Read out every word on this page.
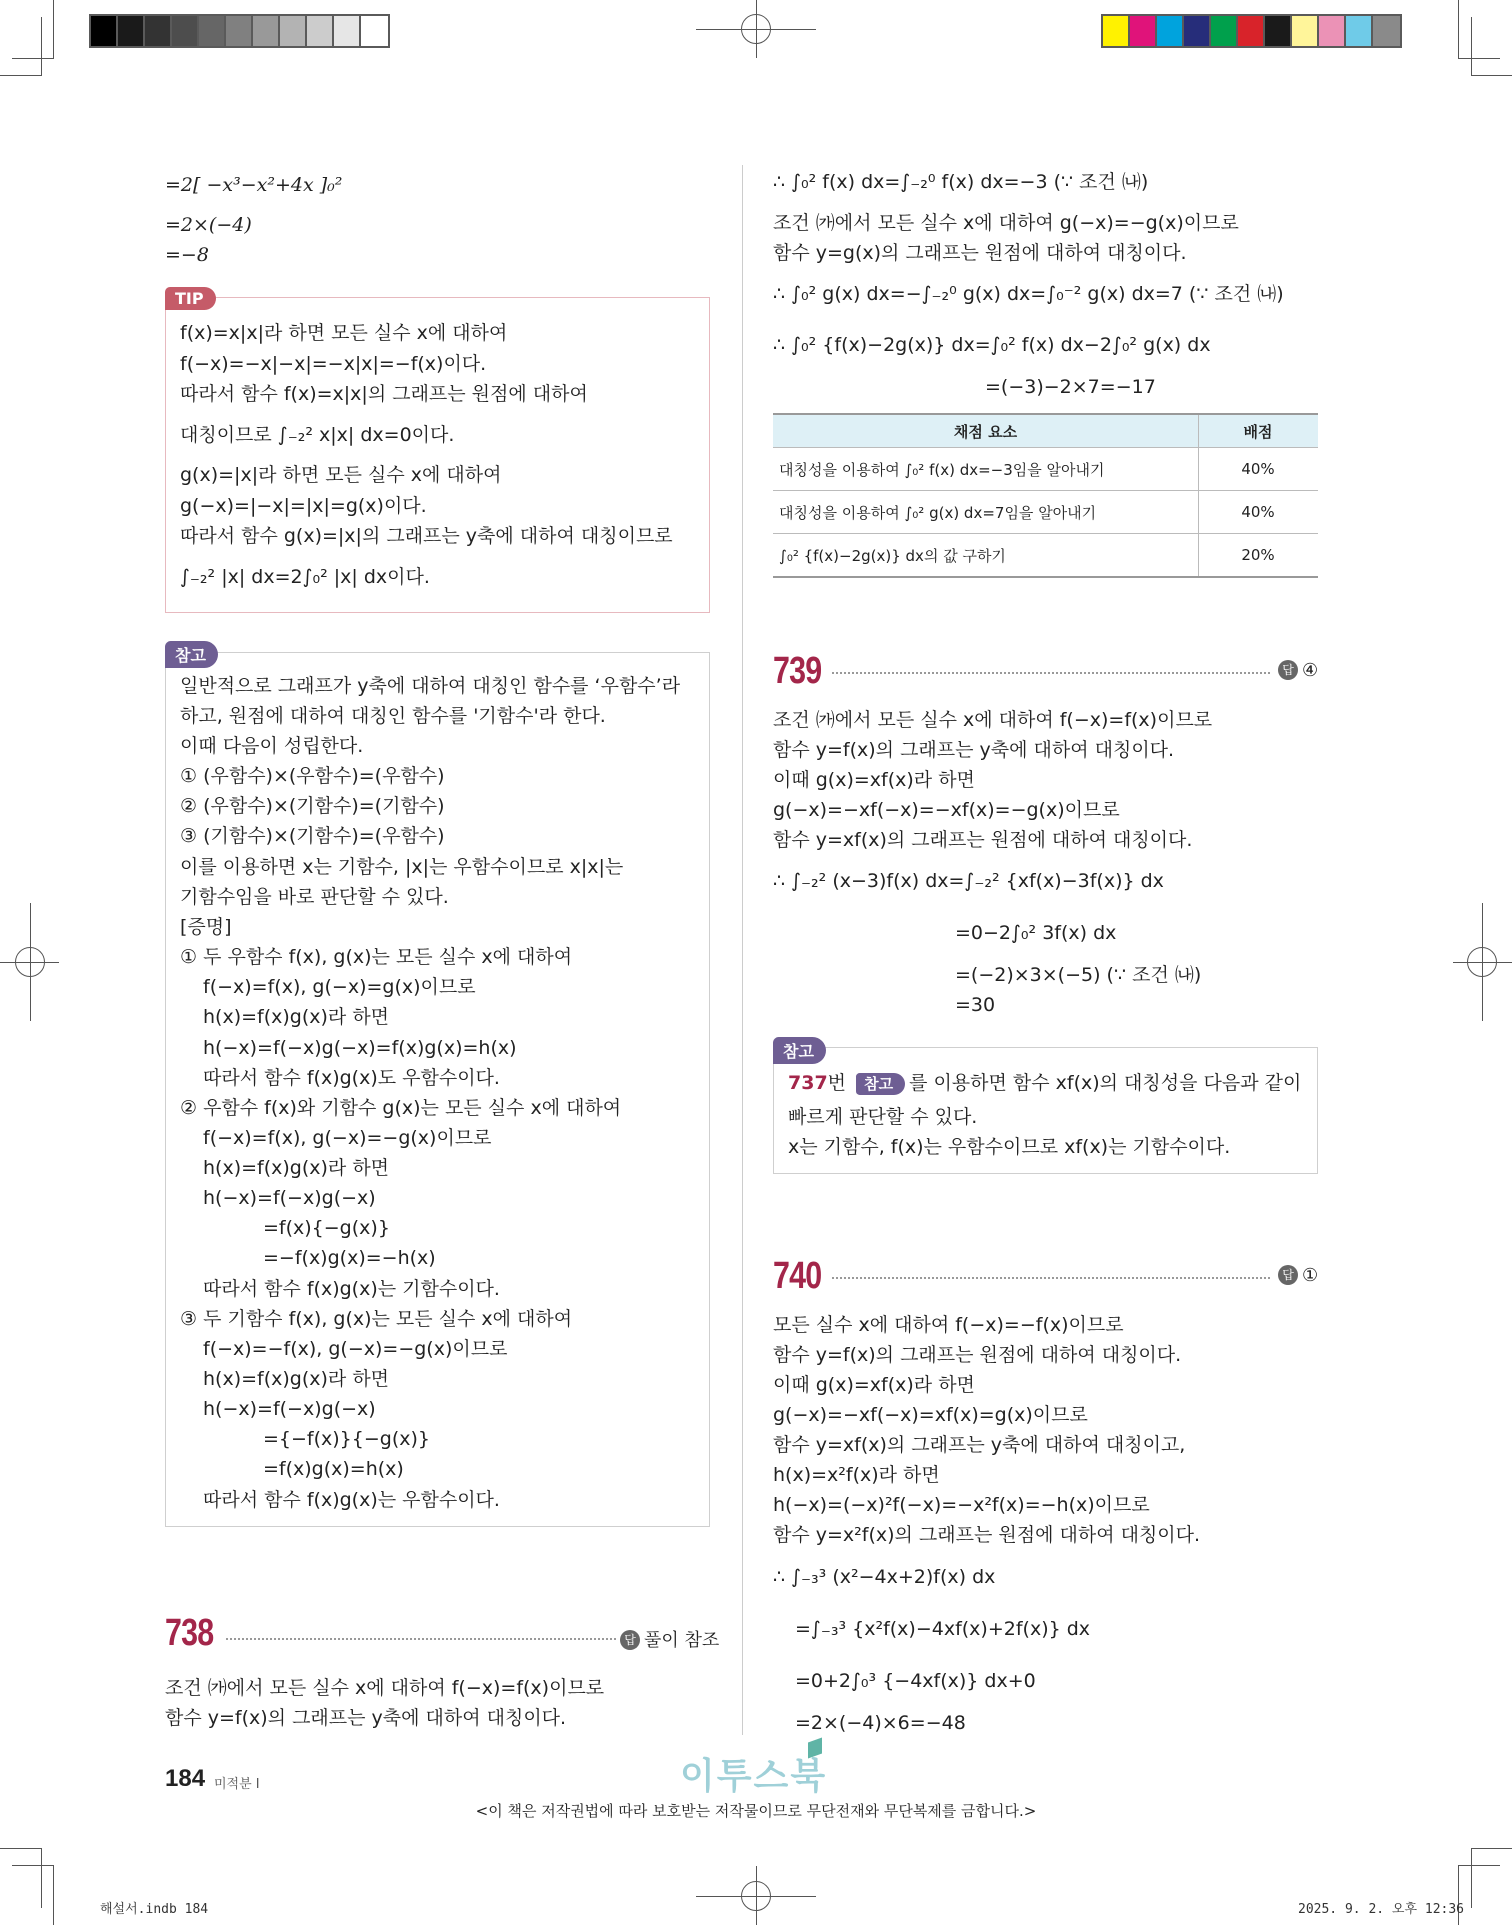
=2[ −x³−x²+4x ]₀²
=2×(−4)
=−8
TIP
f(x)=x|x|라 하면 모든 실수 x에 대하여
f(−x)=−x|−x|=−x|x|=−f(x)이다.
따라서 함수 f(x)=x|x|의 그래프는 원점에 대하여
대칭이므로 ∫₋₂² x|x| dx=0이다.
g(x)=|x|라 하면 모든 실수 x에 대하여
g(−x)=|−x|=|x|=g(x)이다.
따라서 함수 g(x)=|x|의 그래프는 y축에 대하여 대칭이므로
∫₋₂² |x| dx=2∫₀² |x| dx이다.
참고
일반적으로 그래프가 y축에 대하여 대칭인 함수를 ‘우함수’라
하고, 원점에 대하여 대칭인 함수를 '기함수'라 한다.
이때 다음이 성립한다.
① (우함수)×(우함수)=(우함수)
② (우함수)×(기함수)=(기함수)
③ (기함수)×(기함수)=(우함수)
이를 이용하면 x는 기함수, |x|는 우함수이므로 x|x|는
기함수임을 바로 판단할 수 있다.
[증명]
① 두 우함수 f(x), g(x)는 모든 실수 x에 대하여
f(−x)=f(x), g(−x)=g(x)이므로
h(x)=f(x)g(x)라 하면
h(−x)=f(−x)g(−x)=f(x)g(x)=h(x)
따라서 함수 f(x)g(x)도 우함수이다.
② 우함수 f(x)와 기함수 g(x)는 모든 실수 x에 대하여
f(−x)=f(x), g(−x)=−g(x)이므로
h(x)=f(x)g(x)라 하면
h(−x)=f(−x)g(−x)
=f(x){−g(x)}
=−f(x)g(x)=−h(x)
따라서 함수 f(x)g(x)는 기함수이다.
③ 두 기함수 f(x), g(x)는 모든 실수 x에 대하여
f(−x)=−f(x), g(−x)=−g(x)이므로
h(x)=f(x)g(x)라 하면
h(−x)=f(−x)g(−x)
={−f(x)}{−g(x)}
=f(x)g(x)=h(x)
따라서 함수 f(x)g(x)는 우함수이다.
738	답 풀이 참조
조건 ㈎에서 모든 실수 x에 대하여 f(−x)=f(x)이므로
함수 y=f(x)의 그래프는 y축에 대하여 대칭이다.
∴ ∫₀² f(x) dx=∫₋₂⁰ f(x) dx=−3 (∵ 조건 ㈏)
조건 ㈎에서 모든 실수 x에 대하여 g(−x)=−g(x)이므로
함수 y=g(x)의 그래프는 원점에 대하여 대칭이다.
∴ ∫₀² g(x) dx=−∫₋₂⁰ g(x) dx=∫₀⁻² g(x) dx=7 (∵ 조건 ㈏)
∴ ∫₀² {f(x)−2g(x)} dx=∫₀² f(x) dx−2∫₀² g(x) dx
=(−3)−2×7=−17
채점 요소	배점
대칭성을 이용하여 ∫₀² f(x) dx=−3임을 알아내기	40%
대칭성을 이용하여 ∫₀² g(x) dx=7임을 알아내기	40%
∫₀² {f(x)−2g(x)} dx의 값 구하기	20%
739	답 ④
조건 ㈎에서 모든 실수 x에 대하여 f(−x)=f(x)이므로
함수 y=f(x)의 그래프는 y축에 대하여 대칭이다.
이때 g(x)=xf(x)라 하면
g(−x)=−xf(−x)=−xf(x)=−g(x)이므로
함수 y=xf(x)의 그래프는 원점에 대하여 대칭이다.
∴ ∫₋₂² (x−3)f(x) dx=∫₋₂² {xf(x)−3f(x)} dx
=0−2∫₀² 3f(x) dx
=(−2)×3×(−5) (∵ 조건 ㈏)
=30
참고
737번 참고 를 이용하면 함수 xf(x)의 대칭성을 다음과 같이
빠르게 판단할 수 있다.
x는 기함수, f(x)는 우함수이므로 xf(x)는 기함수이다.
740	답 ①
모든 실수 x에 대하여 f(−x)=−f(x)이므로
함수 y=f(x)의 그래프는 원점에 대하여 대칭이다.
이때 g(x)=xf(x)라 하면
g(−x)=−xf(−x)=xf(x)=g(x)이므로
함수 y=xf(x)의 그래프는 y축에 대하여 대칭이고,
h(x)=x²f(x)라 하면
h(−x)=(−x)²f(−x)=−x²f(x)=−h(x)이므로
함수 y=x²f(x)의 그래프는 원점에 대하여 대칭이다.
∴ ∫₋₃³ (x²−4x+2)f(x) dx
=∫₋₃³ {x²f(x)−4xf(x)+2f(x)} dx
=0+2∫₀³ {−4xf(x)} dx+0
=2×(−4)×6=−48
184 미적분 I	이투스북
<이 책은 저작권법에 따라 보호받는 저작물이므로 무단전재와 무단복제를 금합니다.>
해설서.indb 184	2025. 9. 2. 오후 12:36
